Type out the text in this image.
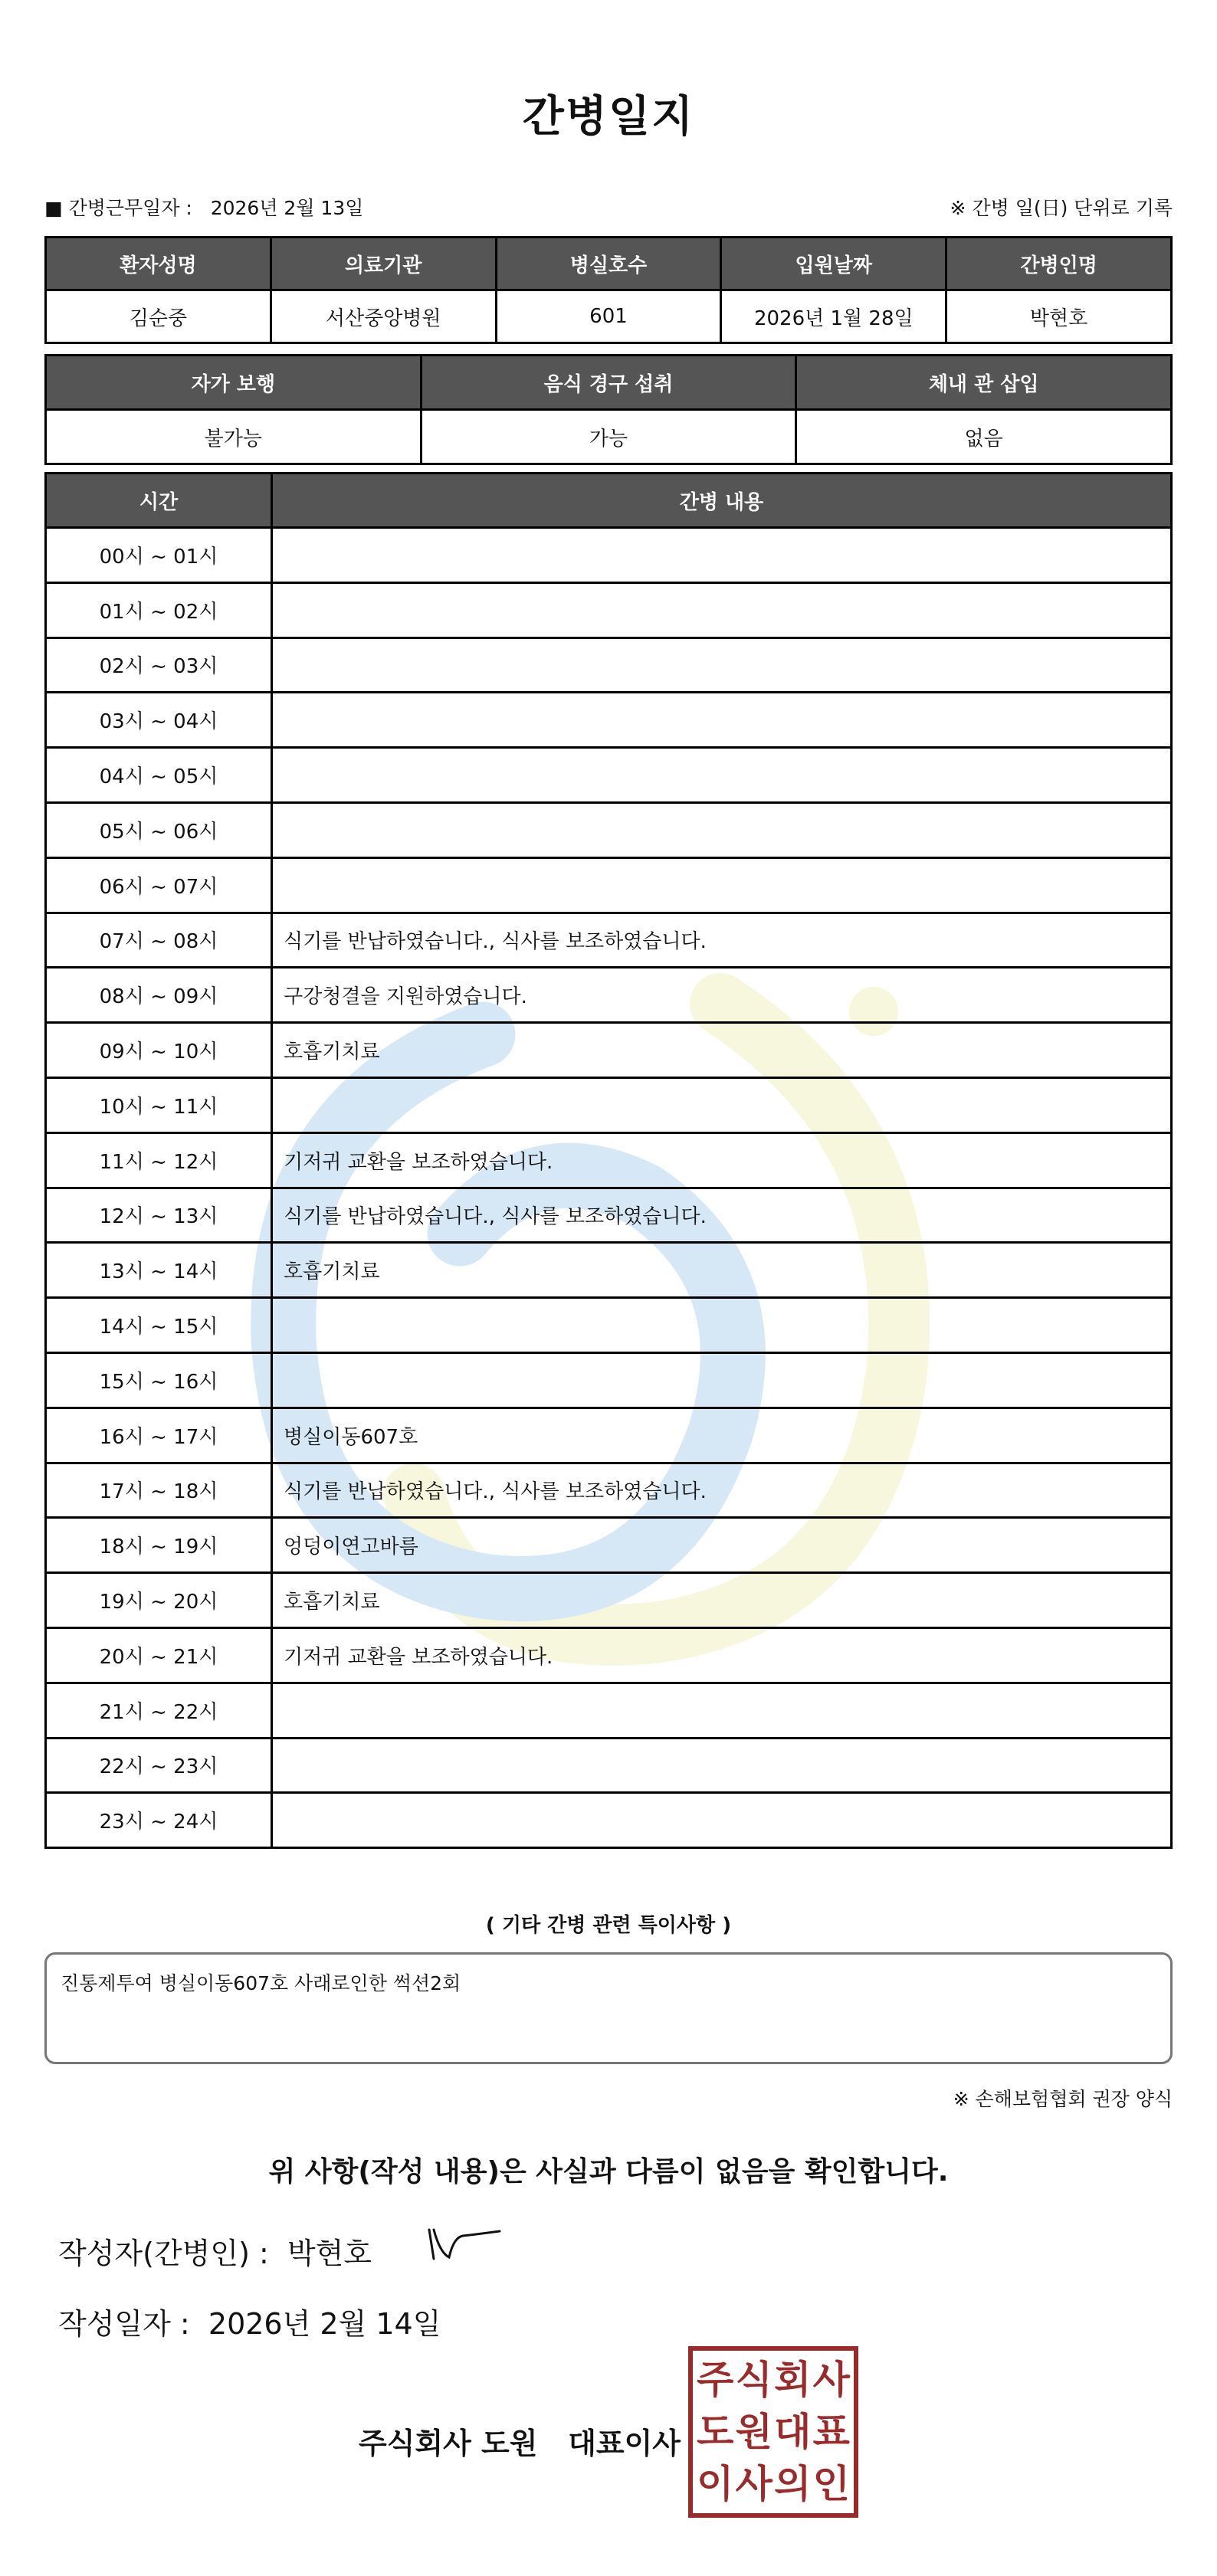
간병일지
■ 간병근무일자 : 2026년 2월 13일	※ 간병 일(日) 단위로 기록
환자성명	의료기관	병실호수	입원날짜	간병인명
김순중	서산중앙병원	601	2026년 1월 28일	박현호
자가 보행	음식 경구 섭취	체내 관 삽입
불가능	가능	없음
시간	간병 내용
00시 ~ 01시	
01시 ~ 02시	
02시 ~ 03시	
03시 ~ 04시	
04시 ~ 05시	
05시 ~ 06시	
06시 ~ 07시	
07시 ~ 08시	식기를 반납하였습니다., 식사를 보조하였습니다.
08시 ~ 09시	구강청결을 지원하였습니다.
09시 ~ 10시	호흡기치료
10시 ~ 11시	
11시 ~ 12시	기저귀 교환을 보조하였습니다.
12시 ~ 13시	식기를 반납하였습니다., 식사를 보조하였습니다.
13시 ~ 14시	호흡기치료
14시 ~ 15시	
15시 ~ 16시	
16시 ~ 17시	병실이동607호
17시 ~ 18시	식기를 반납하였습니다., 식사를 보조하였습니다.
18시 ~ 19시	엉덩이연고바름
19시 ~ 20시	호흡기치료
20시 ~ 21시	기저귀 교환을 보조하였습니다.
21시 ~ 22시	
22시 ~ 23시	
23시 ~ 24시	
( 기타 간병 관련 특이사항 )
진통제투여 병실이동607호 사래로인한 썩션2회
※ 손해보험협회 권장 양식
위 사항(작성 내용)은 사실과 다름이 없음을 확인합니다.
작성자(간병인) : 박현호
작성일자 : 2026년 2월 14일
주식회사 도원 대표이사
주 식 회 사
도 원 대 표
이 사 의 인
